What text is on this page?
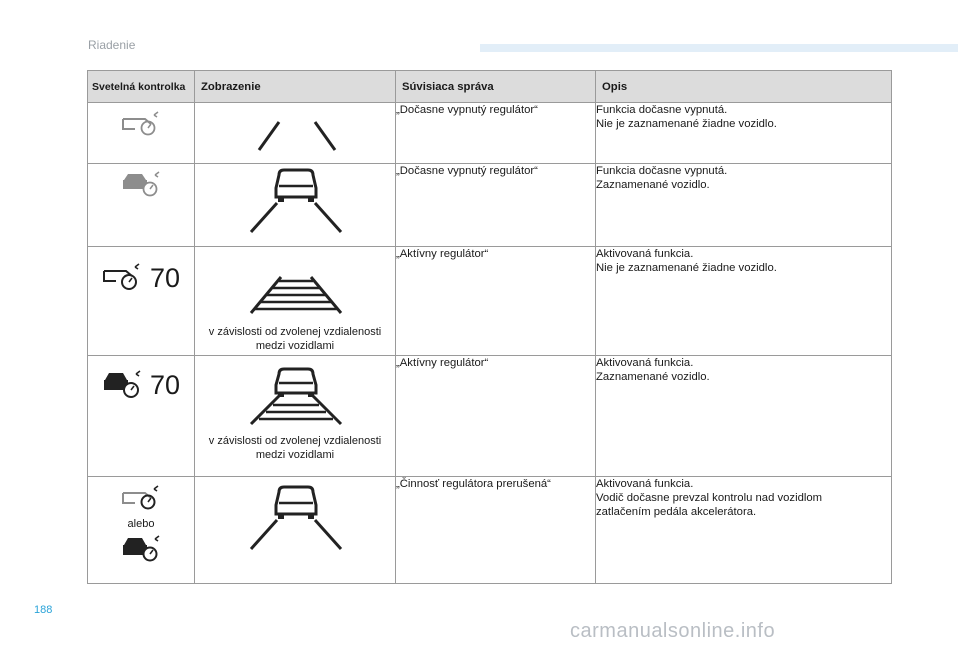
Riadenie
Svetelná kontrolka	Zobrazenie	Súvisiaca správa	Opis

		„Dočasne vypnutý regulátor“	Funkcia dočasne vypnutá.
Nie je zaznamenané žiadne vozidlo.

		„Dočasne vypnutý regulátor“	Funkcia dočasne vypnutá.
Zaznamenané vozidlo.

70	v závislosti od zvolenej vzdialenosti
medzi vozidlami	„Aktívny regulátor“	Aktivovaná funkcia.
Nie je zaznamenané žiadne vozidlo.

70	v závislosti od zvolenej vzdialenosti
medzi vozidlami	„Aktívny regulátor“	Aktivovaná funkcia.
Zaznamenané vozidlo.

alebo		„Činnosť regulátora prerušená“	Aktivovaná funkcia.
Vodič dočasne prevzal kontrolu nad vozidlom
zatlačením pedála akcelerátora.
188
carmanualsonline.info
